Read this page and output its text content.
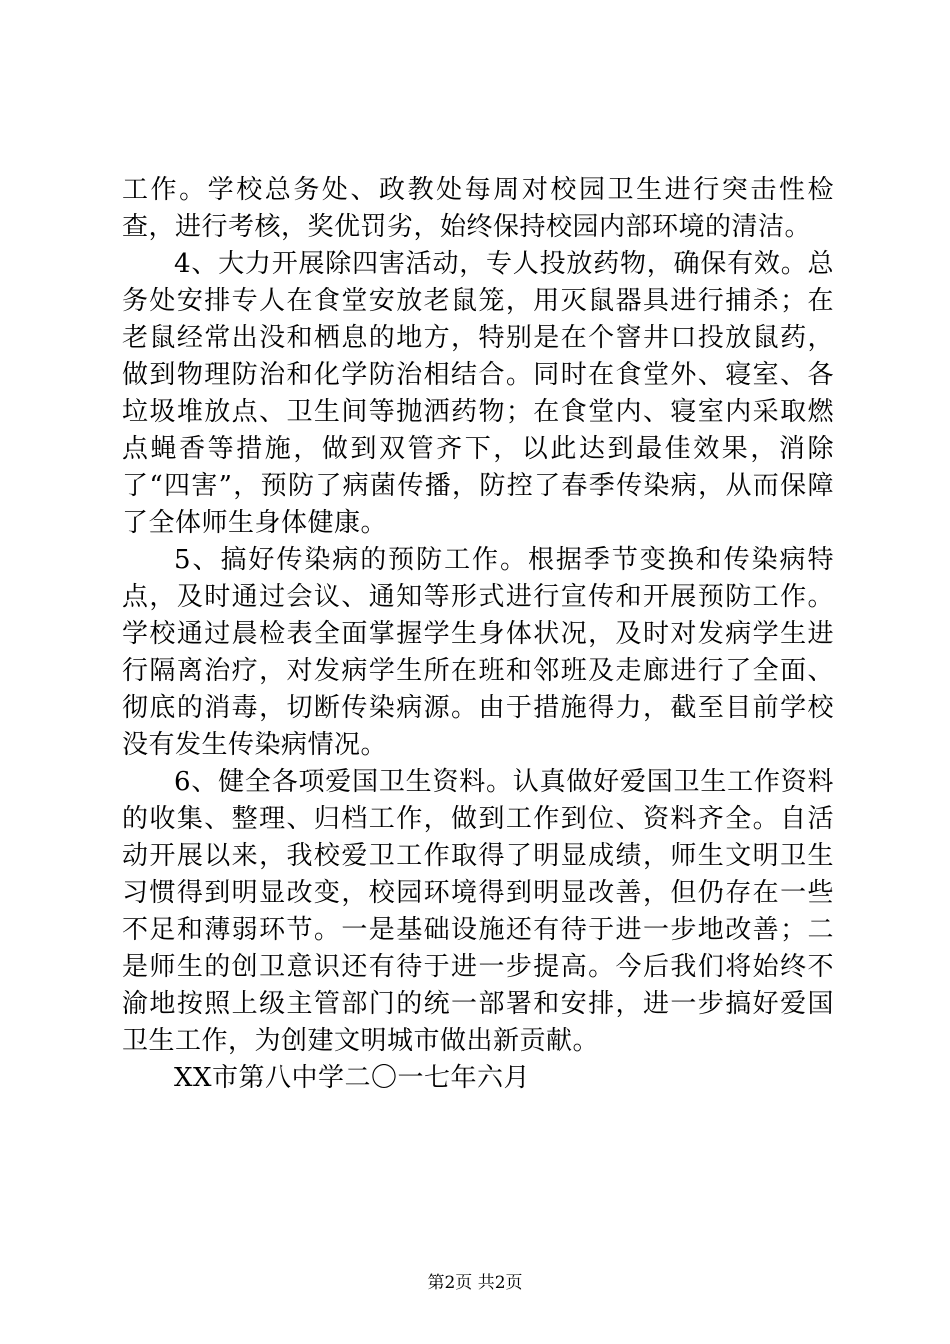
工作。学校总务处、政教处每周对校园卫生进行突击性检查，进行考核，奖优罚劣，始终保持校园内部环境的清洁。

4、大力开展除四害活动，专人投放药物，确保有效。总务处安排专人在食堂安放老鼠笼，用灭鼠器具进行捕杀；在老鼠经常出没和栖息的地方，特别是在个窨井口投放鼠药，做到物理防治和化学防治相结合。同时在食堂外、寝室、各垃圾堆放点、卫生间等抛洒药物；在食堂内、寝室内采取燃点蝇香等措施，做到双管齐下，以此达到最佳效果，消除了“四害”，预防了病菌传播，防控了春季传染病，从而保障了全体师生身体健康。

5、搞好传染病的预防工作。根据季节变换和传染病特点，及时通过会议、通知等形式进行宣传和开展预防工作。学校通过晨检表全面掌握学生身体状况，及时对发病学生进行隔离治疗，对发病学生所在班和邻班及走廊进行了全面、彻底的消毒，切断传染病源。由于措施得力，截至目前学校没有发生传染病情况。

6、健全各项爱国卫生资料。认真做好爱国卫生工作资料的收集、整理、归档工作，做到工作到位、资料齐全。自活动开展以来，我校爱卫工作取得了明显成绩，师生文明卫生习惯得到明显改变，校园环境得到明显改善，但仍存在一些不足和薄弱环节。一是基础设施还有待于进一步地改善；二是师生的创卫意识还有待于进一步提高。今后我们将始终不渝地按照上级主管部门的统一部署和安排，进一步搞好爱国卫生工作，为创建文明城市做出新贡献。

XX市第八中学二〇一七年六月

第2页 共2页
